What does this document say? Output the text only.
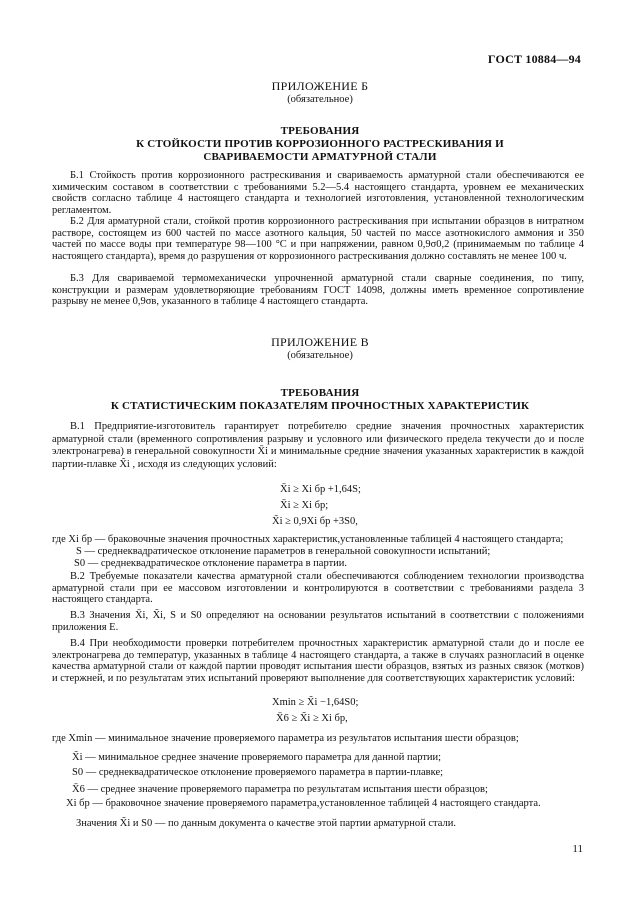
ГОСТ 10884—94
ПРИЛОЖЕНИЕ Б
(обязательное)
ТРЕБОВАНИЯ
К СТОЙКОСТИ ПРОТИВ КОРРОЗИОННОГО РАСТРЕСКИВАНИЯ И
СВАРИВАЕМОСТИ АРМАТУРНОЙ СТАЛИ
Б.1 Стойкость против коррозионного растрескивания и свариваемость арматурной стали обеспечиваются ее химическим составом в соответствии с требованиями 5.2—5.4 настоящего стандарта, уровнем ее механических свойств согласно таблице 4 настоящего стандарта и технологией изготовления, установленной технологическим регламентом.
Б.2 Для арматурной стали, стойкой против коррозионного растрескивания при испытании образцов в нитратном растворе, состоящем из 600 частей по массе азотного кальция, 50 частей по массе азотнокислого аммония и 350 частей по массе воды при температуре 98—100 °С и при напряжении, равном 0,9σ0,2 (принимаемым по таблице 4 настоящего стандарта), время до разрушения от коррозионного растрескивания должно составлять не менее 100 ч.
Б.3 Для свариваемой термомеханически упрочненной арматурной стали сварные соединения, по типу, конструкции и размерам удовлетворяющие требованиям ГОСТ 14098, должны иметь временное сопротивление разрыву не менее 0,9σв, указанного в таблице 4 настоящего стандарта.
ПРИЛОЖЕНИЕ В
(обязательное)
ТРЕБОВАНИЯ
К СТАТИСТИЧЕСКИМ ПОКАЗАТЕЛЯМ ПРОЧНОСТНЫХ ХАРАКТЕРИСТИК
В.1 Предприятие-изготовитель гарантирует потребителю средние значения прочностных характеристик арматурной стали (временного сопротивления разрыву и условного или физического предела текучести до и после электронагрева) в генеральной совокупности X̄i и минимальные средние значения указанных характеристик в каждой партии-плавке X̃i , исходя из следующих условий:
X̄i ≥ Xi бр +1,64S;
X̄i ≥ Xi бр;
X̃i ≥ 0,9Xi бр +3S0,
где Xi бр — браковочные значения прочностных характеристик,установленные таблицей 4 настоящего стандарта;
S — среднеквадратическое отклонение параметров в генеральной совокупности испытаний;
S0 — среднеквадратическое отклонение параметра в партии.
В.2 Требуемые показатели качества арматурной стали обеспечиваются соблюдением технологии производства арматурной стали при ее массовом изготовлении и контролируются в соответствии с требованиями раздела 3 настоящего стандарта.
В.3 Значения X̄i, X̃i, S и S0 определяют на основании результатов испытаний в соответствии с положениями приложения Е.
В.4 При необходимости проверки потребителем прочностных характеристик арматурной стали до и после ее электронагрева до температур, указанных в таблице 4 настоящего стандарта, а также в случаях разногласий в оценке качества арматурной стали от каждой партии проводят испытания шести образцов, взятых из разных связок (мотков) и стержней, и по результатам этих испытаний проверяют выполнение для соответствующих характеристик условий:
Xmin ≥ X̃i −1,64S0;
X̄6 ≥ X̃i ≥ Xi бр,
где Xmin — минимальное значение проверяемого параметра из результатов испытания шести образцов;
X̃i — минимальное среднее значение проверяемого параметра для данной партии;
S0 — среднеквадратическое отклонение проверяемого параметра в партии-плавке;
X̄6 — среднее значение проверяемого параметра по результатам испытания шести образцов;
Xi бр — браковочное значение проверяемого параметра,установленное таблицей 4 настоящего стандарта.
Значения X̃i и S0 — по данным документа о качестве этой партии арматурной стали.
11
